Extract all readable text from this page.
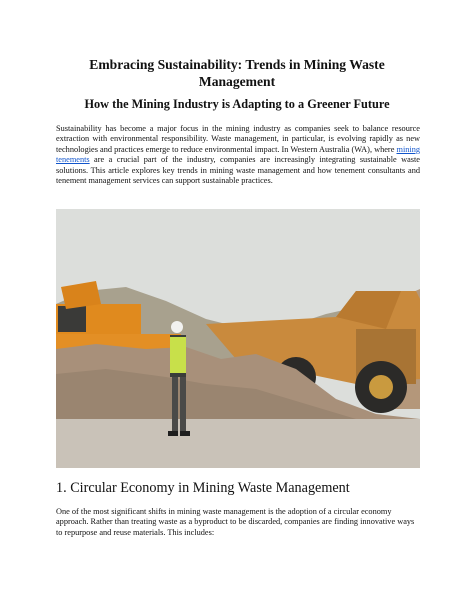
Embracing Sustainability: Trends in Mining Waste Management
How the Mining Industry is Adapting to a Greener Future

Sustainability has become a major focus in the mining industry as companies seek to balance resource extraction with environmental responsibility. Waste management, in particular, is evolving rapidly as new technologies and practices emerge to reduce environmental impact. In Western Australia (WA), where mining tenements are a crucial part of the industry, companies are increasingly integrating sustainable waste solutions. This article explores key trends in mining waste management and how tenement consultants and tenement management services can support sustainable practices.

1. Circular Economy in Mining Waste Management

One of the most significant shifts in mining waste management is the adoption of a circular economy approach. Rather than treating waste as a byproduct to be discarded, companies are finding innovative ways to repurpose and reuse materials. This includes:
